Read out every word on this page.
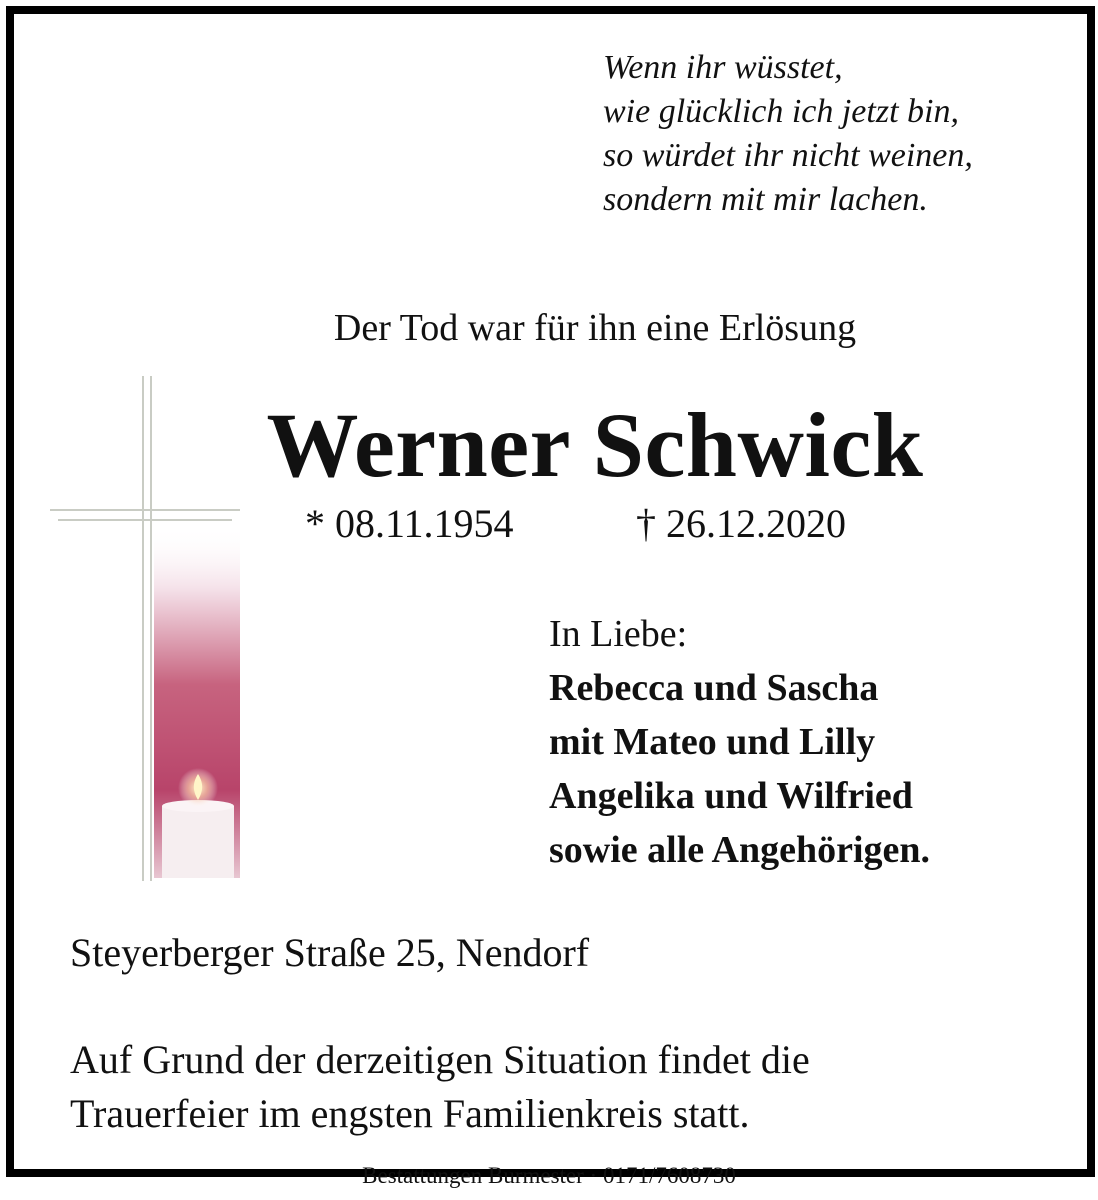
Wenn ihr wüsstet,
wie glücklich ich jetzt bin,
so würdet ihr nicht weinen,
sondern mit mir lachen.
Der Tod war für ihn eine Erlösung
Werner Schwick
* 08.11.1954	† 26.12.2020
In Liebe:
Rebecca und Sascha
mit Mateo und Lilly
Angelika und Wilfried
sowie alle Angehörigen.
Steyerberger Straße 25, Nendorf
Auf Grund der derzeitigen Situation findet die
Trauerfeier im engsten Familienkreis statt.
Bestattungen Burmester · 0171/7608730
